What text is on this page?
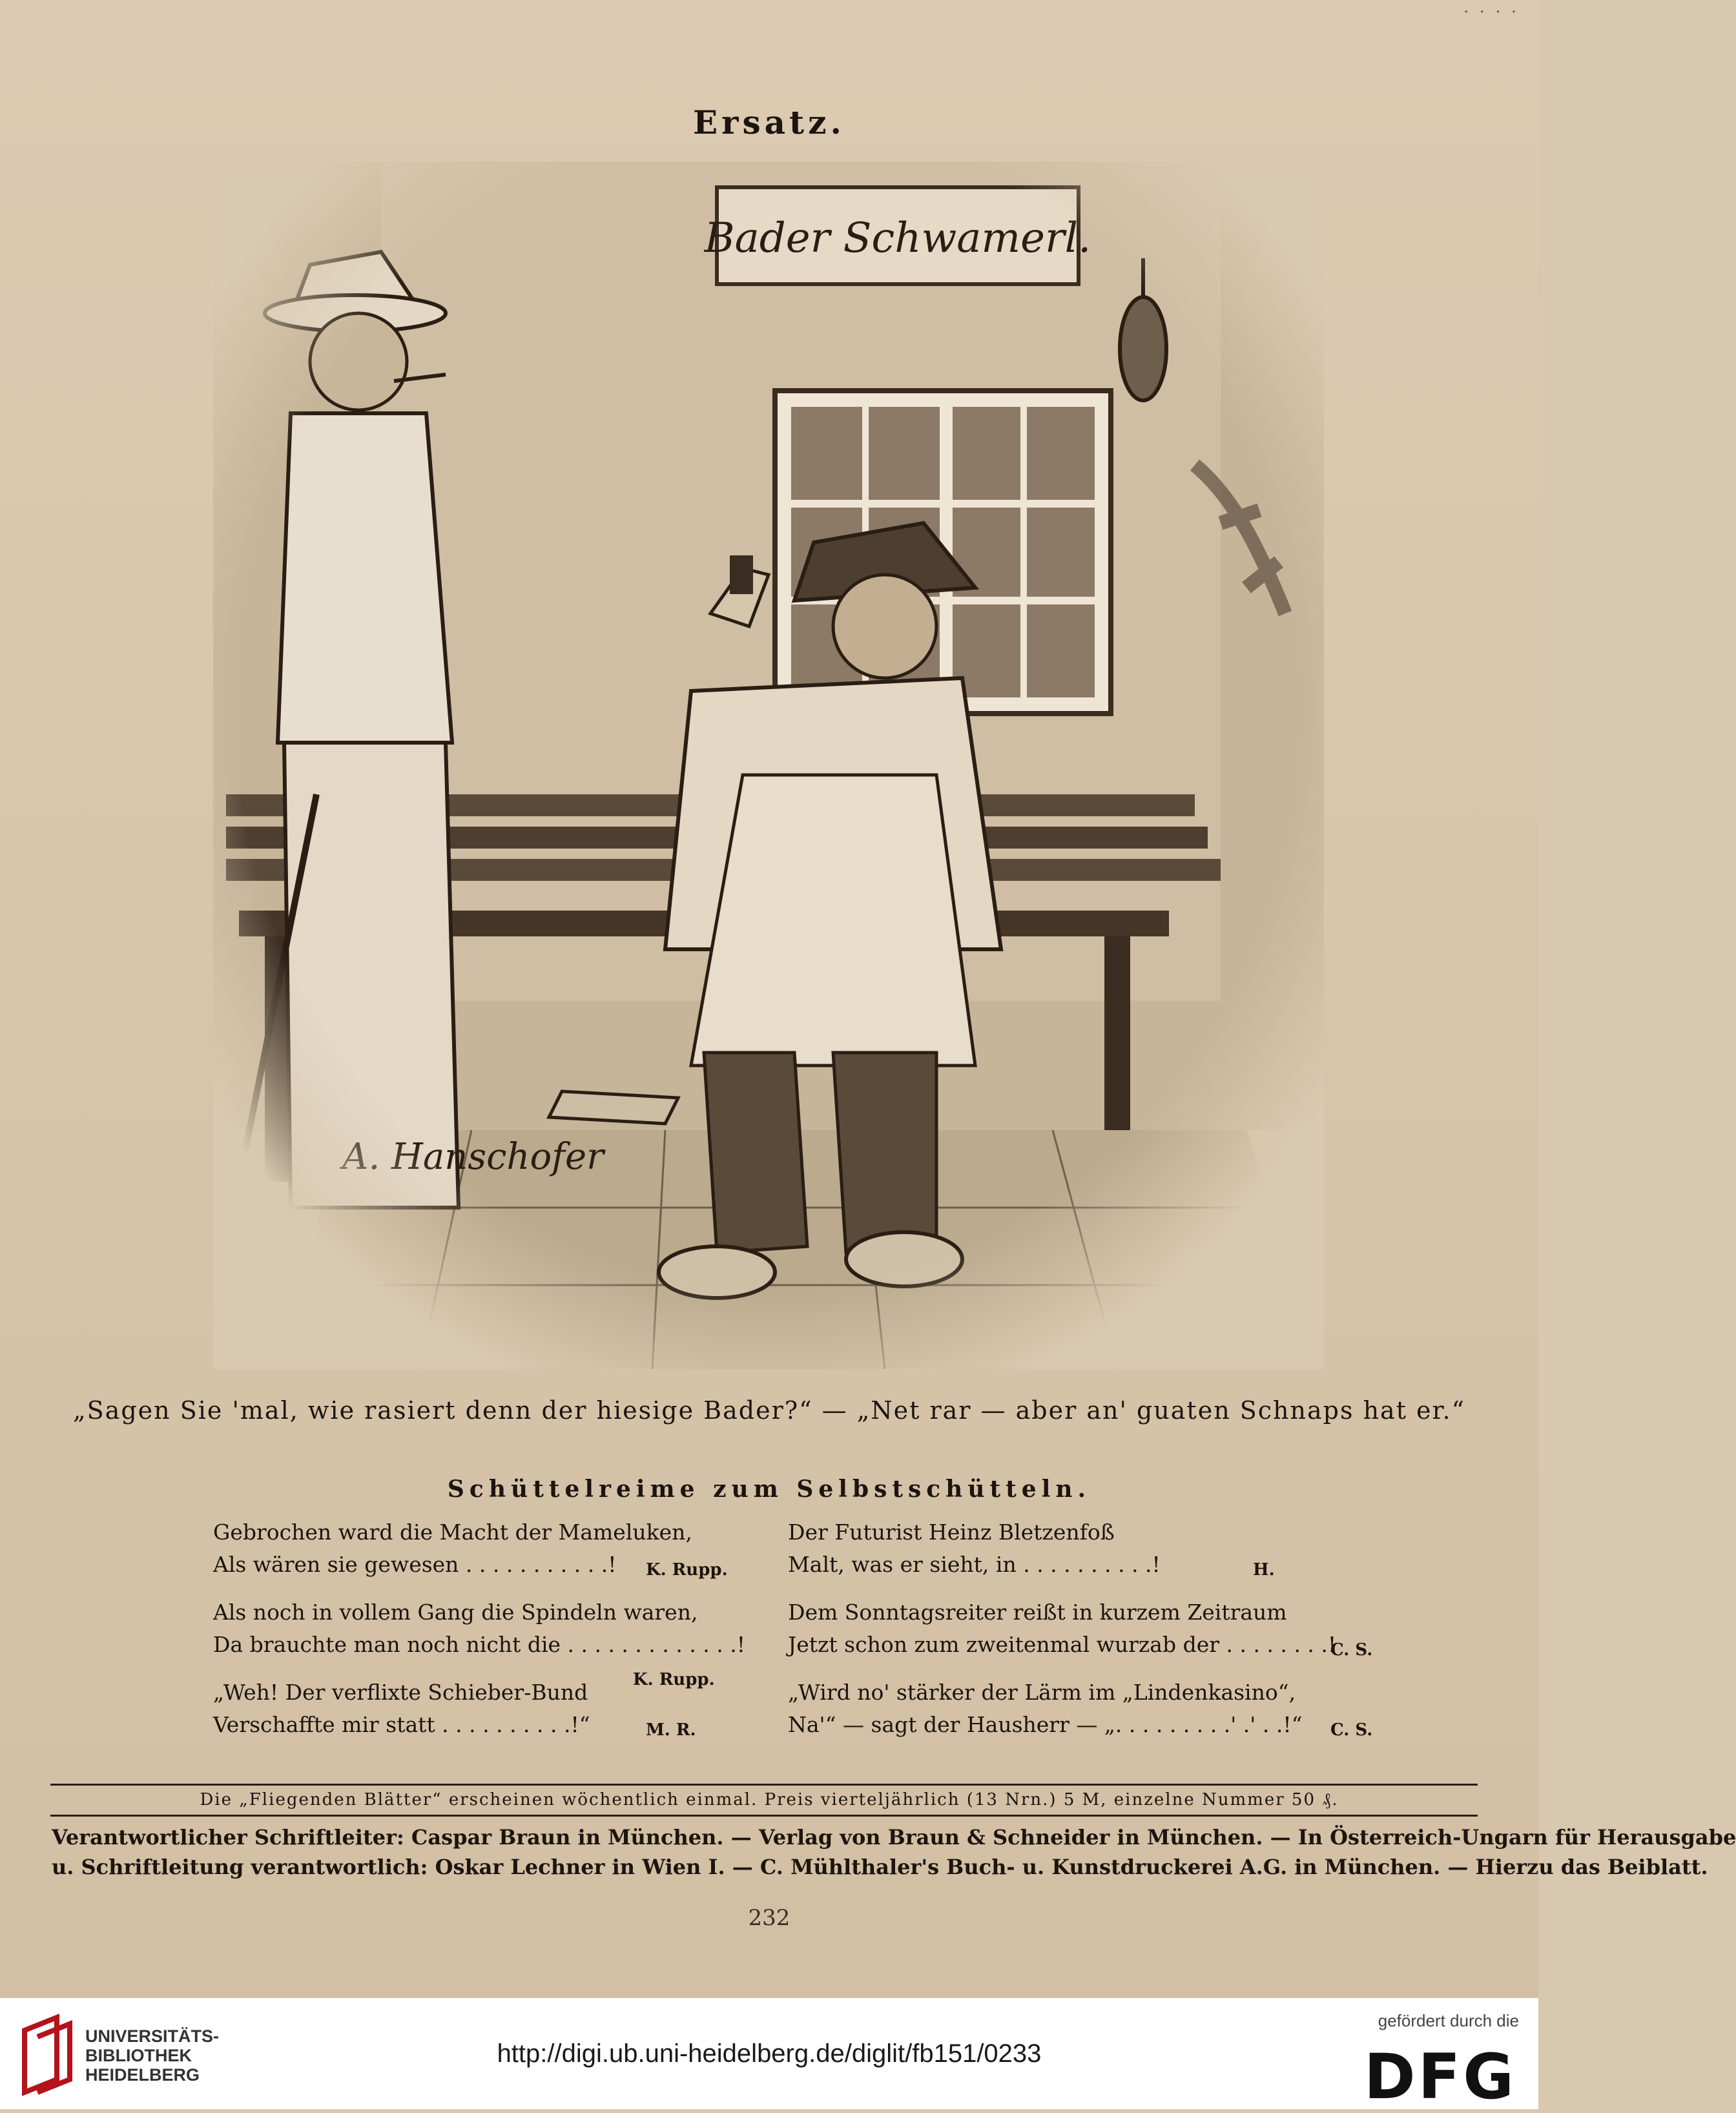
· · · ·
Ersatz.
„Sagen Sie 'mal, wie rasiert denn der hiesige Bader?“ — „Net rar — aber an' guaten Schnaps hat er.“
Schüttelreime zum Selbstschütteln.
Gebrochen ward die Macht der Mameluken,
Als wären sie gewesen . . . . . . . . . . .!	K. Rupp.
Der Futurist Heinz Bletzenfoß
Malt, was er sieht, in . . . . . . . . . .!	H.
Als noch in vollem Gang die Spindeln waren,
Da brauchte man noch nicht die . . . . . . . . . . . . .!
K. Rupp.
Dem Sonntagsreiter reißt in kurzem Zeitraum
Jetzt schon zum zweitenmal wurzab der . . . . . . . .!
C. S.
„Weh! Der verflixte Schieber-Bund
Verschaffte mir statt . . . . . . . . . .!“	M. R.
„Wird no' stärker der Lärm im „Lindenkasino“,
Na'“ — sagt der Hausherr — „. . . . . . . . .' .' . .!“ C. S.
Die „Fliegenden Blätter“ erscheinen wöchentlich einmal. Preis vierteljährlich (13 Nrn.) 5 M, einzelne Nummer 50 ₰.
Verantwortlicher Schriftleiter: Caspar Braun in München. — Verlag von Braun & Schneider in München. — In Österreich-Ungarn für Herausgabe
u. Schriftleitung verantwortlich: Oskar Lechner in Wien I. — C. Mühlthaler's Buch- u. Kunstdruckerei A.G. in München. — Hierzu das Beiblatt.
232
UNIVERSITÄTS-
BIBLIOTHEK
HEIDELBERG
http://digi.ub.uni-heidelberg.de/diglit/fb151/0233
gefördert durch die
DFG
